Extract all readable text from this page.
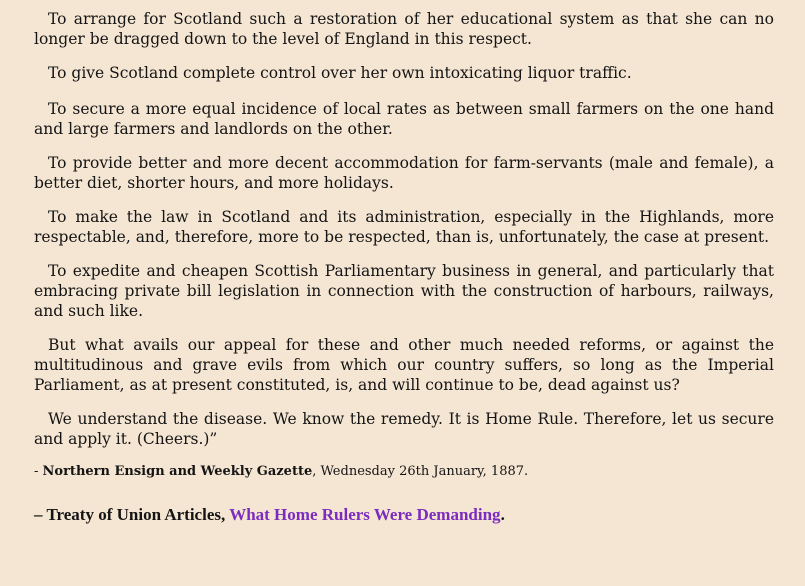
To arrange for Scotland such a restoration of her educational system as that she can no longer be dragged down to the level of England in this respect.

To give Scotland complete control over her own intoxicating liquor traffic.

To secure a more equal incidence of local rates as between small farmers on the one hand and large farmers and landlords on the other.

To provide better and more decent accommodation for farm-servants (male and female), a better diet, shorter hours, and more holidays.

To make the law in Scotland and its administration, especially in the Highlands, more respectable, and, therefore, more to be respected, than is, unfortunately, the case at present.

To expedite and cheapen Scottish Parliamentary business in general, and particularly that embracing private bill legislation in connection with the construction of harbours, railways, and such like.

But what avails our appeal for these and other much needed reforms, or against the multitudinous and grave evils from which our country suffers, so long as the Imperial Parliament, as at present constituted, is, and will continue to be, dead against us?

We understand the disease. We know the remedy. It is Home Rule. Therefore, let us secure and apply it. (Cheers.)”

- Northern Ensign and Weekly Gazette, Wednesday 26th January, 1887.

– Treaty of Union Articles, What Home Rulers Were Demanding.
